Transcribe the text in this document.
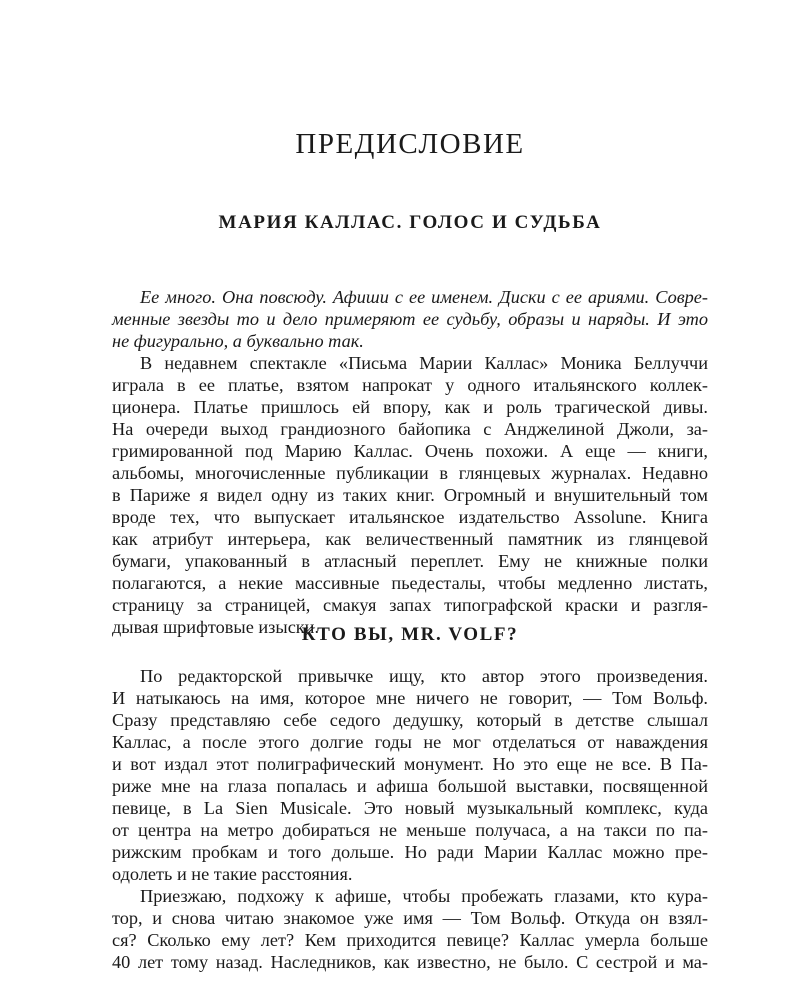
ПРЕДИСЛОВИЕ
МАРИЯ КАЛЛАС. ГОЛОС И СУДЬБА
Ее много. Она повсюду. Афиши с ее именем. Диски с ее ариями. Совре-
менные звезды то и дело примеряют ее судьбу, образы и наряды. И это
не фигурально, а буквально так.
В недавнем спектакле «Письма Марии Каллас» Моника Беллуччи
играла в ее платье, взятом напрокат у одного итальянского коллек-
ционера. Платье пришлось ей впору, как и роль трагической дивы.
На очереди выход грандиозного байопика с Анджелиной Джоли, за-
гримированной под Марию Каллас. Очень похожи. А еще — книги,
альбомы, многочисленные публикации в глянцевых журналах. Недавно
в Париже я видел одну из таких книг. Огромный и внушительный том
вроде тех, что выпускает итальянское издательство Assolune. Книга
как атрибут интерьера, как величественный памятник из глянцевой
бумаги, упакованный в атласный переплет. Ему не книжные полки
полагаются, а некие массивные пьедесталы, чтобы медленно листать,
страницу за страницей, смакуя запах типографской краски и разгля-
дывая шрифтовые изыски.
КТО ВЫ, MR. VOLF?
По редакторской привычке ищу, кто автор этого произведения.
И натыкаюсь на имя, которое мне ничего не говорит, — Том Вольф.
Сразу представляю себе седого дедушку, который в детстве слышал
Каллас, а после этого долгие годы не мог отделаться от наваждения
и вот издал этот полиграфический монумент. Но это еще не все. В Па-
риже мне на глаза попалась и афиша большой выставки, посвященной
певице, в La Sien Musicale. Это новый музыкальный комплекс, куда
от центра на метро добираться не меньше получаса, а на такси по па-
рижским пробкам и того дольше. Но ради Марии Каллас можно пре-
одолеть и не такие расстояния.
Приезжаю, подхожу к афише, чтобы пробежать глазами, кто кура-
тор, и снова читаю знакомое уже имя — Том Вольф. Откуда он взял-
ся? Сколько ему лет? Кем приходится певице? Каллас умерла больше
40 лет тому назад. Наследников, как известно, не было. С сестрой и ма-
